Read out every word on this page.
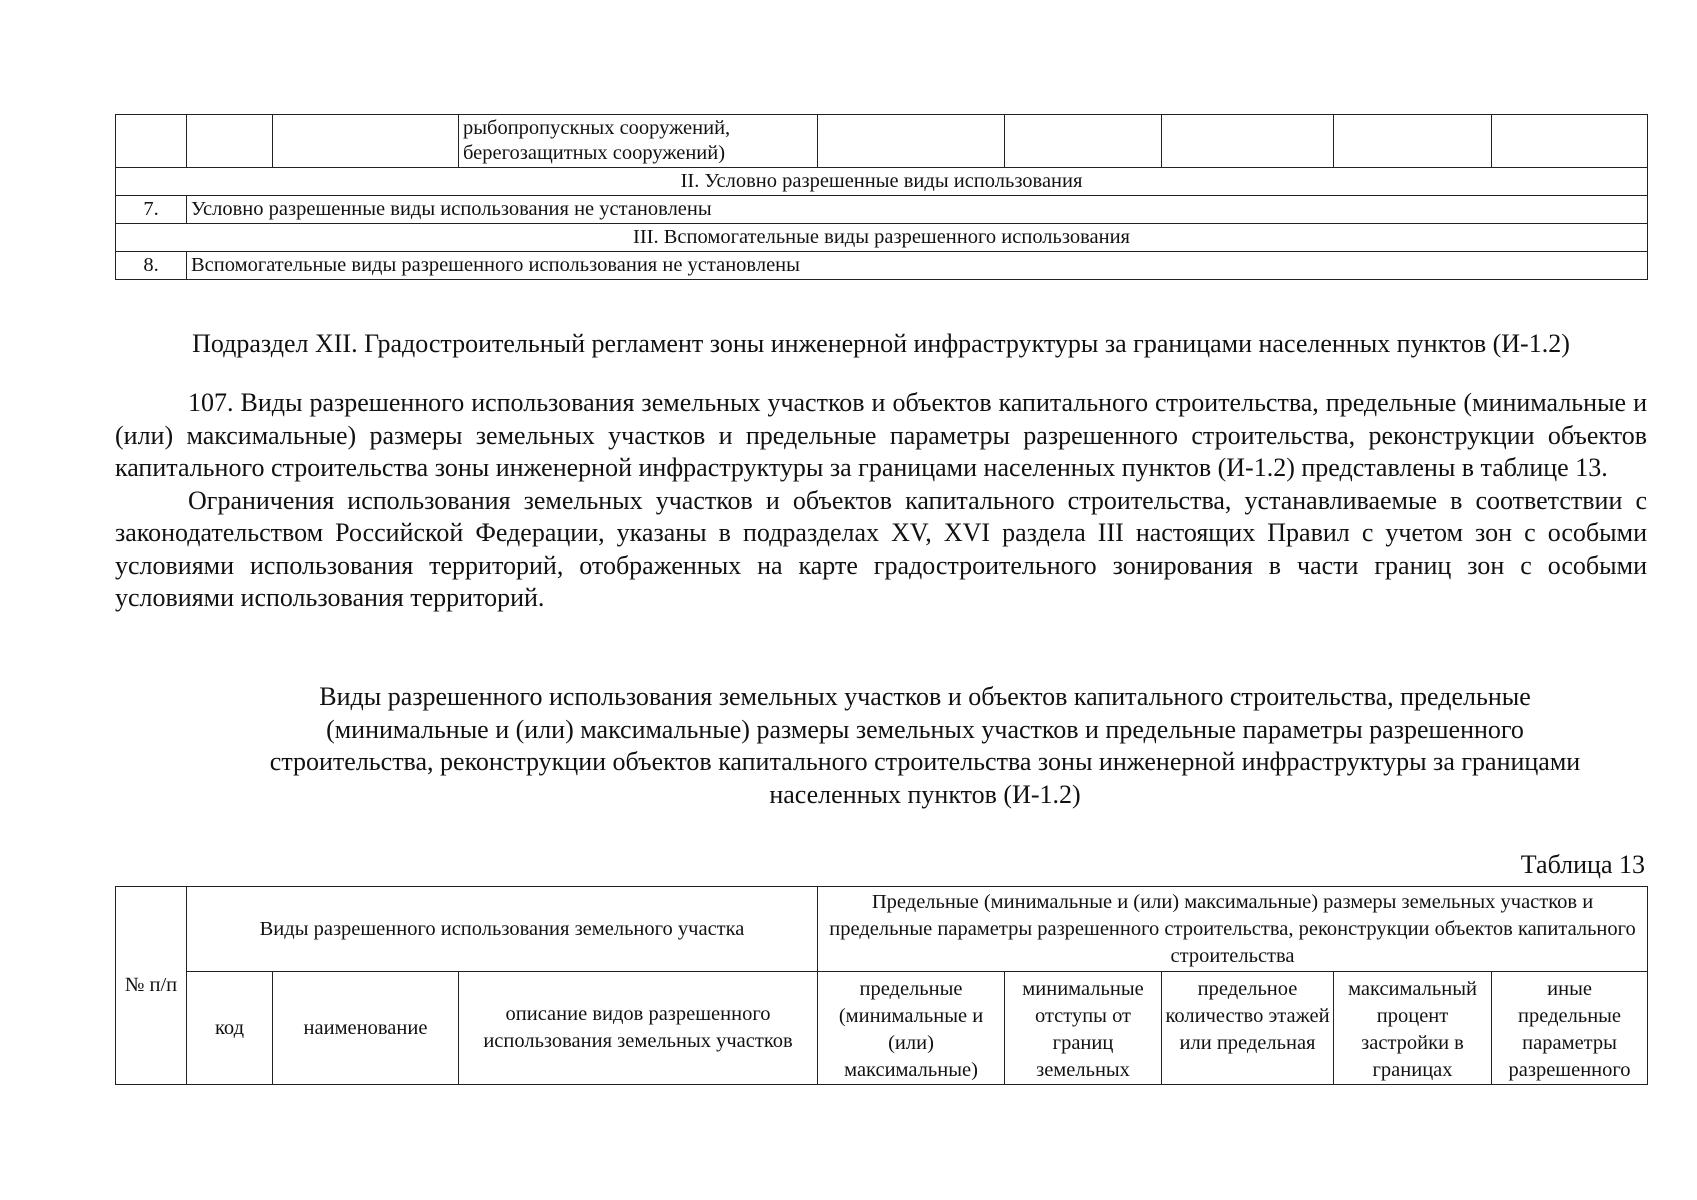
			рыбопропускных сооружений,
берегозащитных сооружений)					

II. Условно разрешенные виды использования								
7.	Условно разрешенные виды использования не установлены							
III. Вспомогательные виды разрешенного использования								
8.	Вспомогательные виды разрешенного использования не установлены							
Подраздел XII. Градостроительный регламент зоны инженерной инфраструктуры за границами населенных пунктов (И-1.2)

107. Виды разрешенного использования земельных участков и объектов капитального строительства, предельные (минимальные и (или) максимальные) размеры земельных участков и предельные параметры разрешенного строительства, реконструкции объектов капитального строительства зоны инженерной инфраструктуры за границами населенных пунктов (И-1.2) представлены в таблице 13.

Ограничения использования земельных участков и объектов капитального строительства, устанавливаемые в соответствии с законодательством Российской Федерации, указаны в подразделах XV, XVI раздела III настоящих Правил с учетом зон с особыми условиями использования территорий, отображенных на карте градостроительного зонирования в части границ зон с особыми условиями использования территорий.

Виды разрешенного использования земельных участков и объектов капитального строительства, предельные
(минимальные и (или) максимальные) размеры земельных участков и предельные параметры разрешенного
строительства, реконструкции объектов капитального строительства зоны инженерной инфраструктуры за границами
населенных пунктов (И-1.2)
Таблица 13
№ п/п	Виды разрешенного использования земельного участка			Предельные (минимальные и (или) максимальные) размеры земельных участков и предельные параметры разрешенного строительства, реконструкции объектов капитального строительства				
	код	наименование	описание видов разрешенного использования земельных участков	предельные (минимальные и (или) максимальные)	минимальные отступы от границ земельных	предельное количество этажей или предельная	максимальный процент застройки в границах	иные предельные параметры разрешенного
